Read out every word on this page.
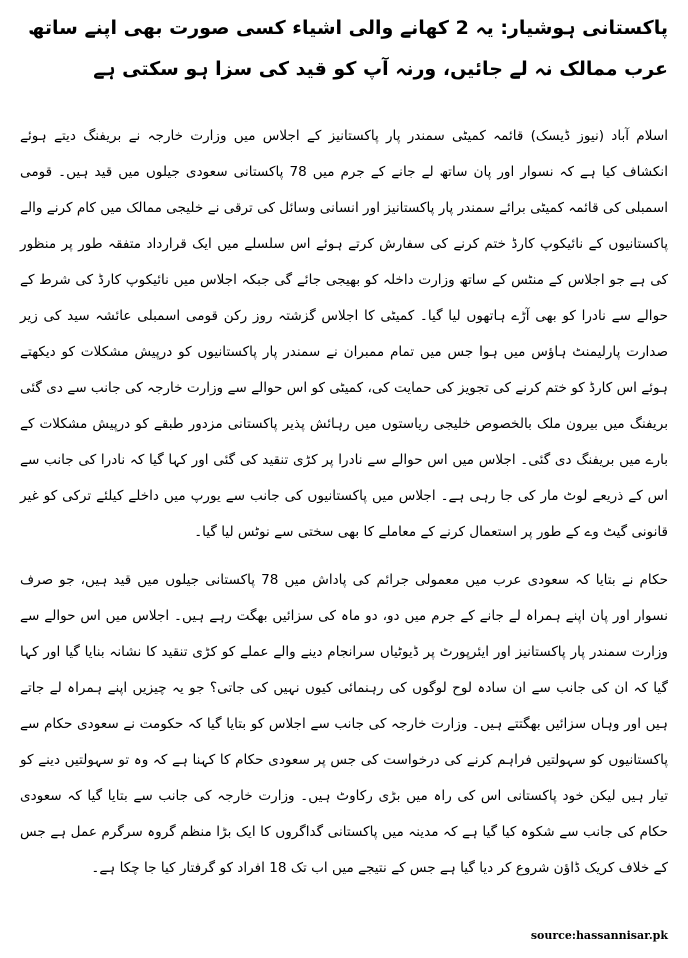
پاکستانی ہوشیار: یہ 2 کھانے والی اشیاء کسی صورت بھی اپنے ساتھ عرب ممالک نہ لے جائیں، ورنہ آپ کو قید کی سزا ہو سکتی ہے

اسلام آباد (نیوز ڈیسک) قائمہ کمیٹی سمندر پار پاکستانیز کے اجلاس میں وزارت خارجہ نے بریفنگ دیتے ہوئے انکشاف کیا ہے کہ نسوار اور پان ساتھ لے جانے کے جرم میں 78 پاکستانی سعودی جیلوں میں قید ہیں۔ قومی اسمبلی کی قائمہ کمیٹی برائے سمندر پار پاکستانیز اور انسانی وسائل کی ترقی نے خلیجی ممالک میں کام کرنے والے پاکستانیوں کے نائیکوپ کارڈ ختم کرنے کی سفارش کرتے ہوئے اس سلسلے میں ایک قرارداد متفقہ طور پر منظور کی ہے جو اجلاس کے منٹس کے ساتھ وزارت داخلہ کو بھیجی جائے گی جبکہ اجلاس میں نائیکوپ کارڈ کی شرط کے حوالے سے نادرا کو بھی آڑے ہاتھوں لیا گیا۔ کمیٹی کا اجلاس گزشتہ روز رکن قومی اسمبلی عائشہ سید کی زیر صدارت پارلیمنٹ ہاؤس میں ہوا جس میں تمام ممبران نے سمندر پار پاکستانیوں کو درپیش مشکلات کو دیکھتے ہوئے اس کارڈ کو ختم کرنے کی تجویز کی حمایت کی، کمیٹی کو اس حوالے سے وزارت خارجہ کی جانب سے دی گئی بریفنگ میں بیرون ملک بالخصوص خلیجی ریاستوں میں رہائش پذیر پاکستانی مزدور طبقے کو درپیش مشکلات کے بارے میں بریفنگ دی گئی۔ اجلاس میں اس حوالے سے نادرا پر کڑی تنقید کی گئی اور کہا گیا کہ نادرا کی جانب سے اس کے ذریعے لوٹ مار کی جا رہی ہے۔ اجلاس میں پاکستانیوں کی جانب سے یورپ میں داخلے کیلئے ترکی کو غیر قانونی گیٹ وے کے طور پر استعمال کرنے کے معاملے کا بھی سختی سے نوٹس لیا گیا۔

حکام نے بتایا کہ سعودی عرب میں معمولی جرائم کی پاداش میں 78 پاکستانی جیلوں میں قید ہیں، جو صرف نسوار اور پان اپنے ہمراہ لے جانے کے جرم میں دو، دو ماہ کی سزائیں بھگت رہے ہیں۔ اجلاس میں اس حوالے سے وزارت سمندر پار پاکستانیز اور ایئرپورٹ پر ڈیوٹیاں سرانجام دینے والے عملے کو کڑی تنقید کا نشانہ بنایا گیا اور کہا گیا کہ ان کی جانب سے ان سادہ لوح لوگوں کی رہنمائی کیوں نہیں کی جاتی؟ جو یہ چیزیں اپنے ہمراہ لے جاتے ہیں اور وہاں سزائیں بھگتتے ہیں۔ وزارت خارجہ کی جانب سے اجلاس کو بتایا گیا کہ حکومت نے سعودی حکام سے پاکستانیوں کو سہولتیں فراہم کرنے کی درخواست کی جس پر سعودی حکام کا کہنا ہے کہ وہ تو سہولتیں دینے کو تیار ہیں لیکن خود پاکستانی اس کی راہ میں بڑی رکاوٹ ہیں۔ وزارت خارجہ کی جانب سے بتایا گیا کہ سعودی حکام کی جانب سے شکوہ کیا گیا ہے کہ مدینہ میں پاکستانی گداگروں کا ایک بڑا منظم گروہ سرگرم عمل ہے جس کے خلاف کریک ڈاؤن شروع کر دیا گیا ہے جس کے نتیجے میں اب تک 18 افراد کو گرفتار کیا جا چکا ہے۔

source:hassannisar.pk
